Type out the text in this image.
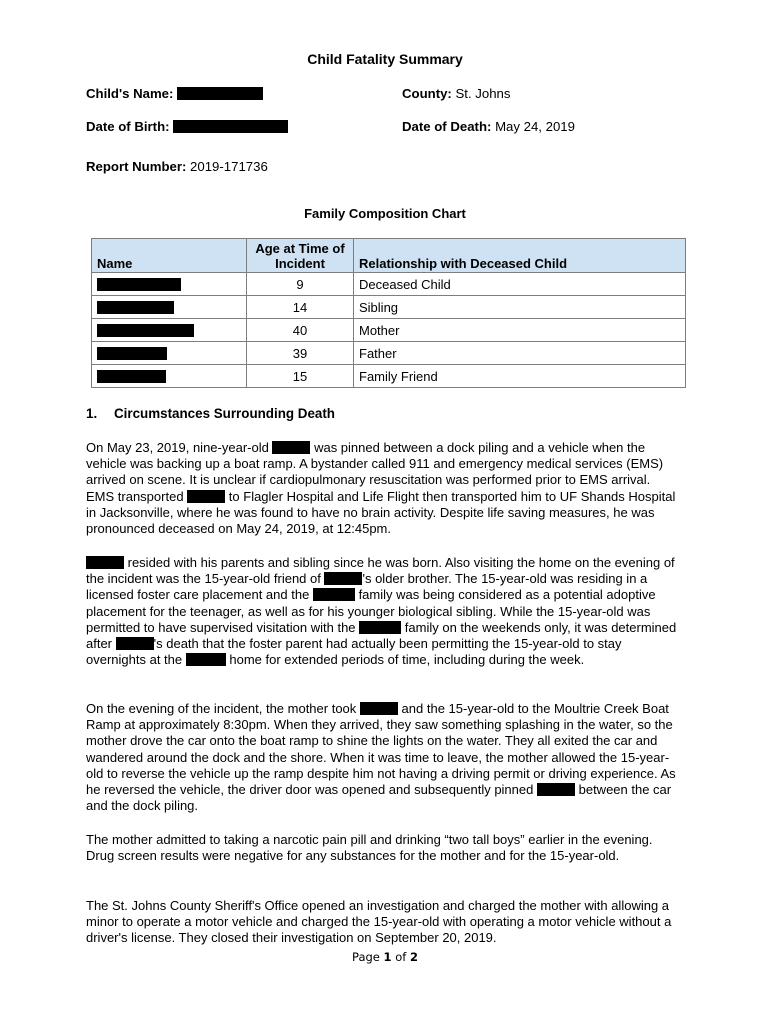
Child Fatality Summary
Child's Name:	County: St. Johns
Date of Birth:	Date of Death: May 24, 2019
Report Number: 2019-171736
Family Composition Chart
Name	Age at Time of Incident	Relationship with Deceased Child
	9	Deceased Child
	14	Sibling
	40	Mother
	39	Father
	15	Family Friend
1. Circumstances Surrounding Death
On May 23, 2019, nine-year-old	was pinned between a dock piling and a vehicle when the vehicle was backing up a boat ramp. A bystander called 911 and emergency medical services (EMS) arrived on scene. It is unclear if cardiopulmonary resuscitation was performed prior to EMS arrival. EMS transported	to Flagler Hospital and Life Flight then transported him to UF Shands Hospital in Jacksonville, where he was found to have no brain activity. Despite life saving measures, he was pronounced deceased on May 24, 2019, at 12:45pm.
resided with his parents and sibling since he was born. Also visiting the home on the evening of the incident was the 15-year-old friend of	's older brother. The 15-year-old was residing in a licensed foster care placement and the	family was being considered as a potential adoptive placement for the teenager, as well as for his younger biological sibling. While the 15-year-old was permitted to have supervised visitation with the	family on the weekends only, it was determined after	's death that the foster parent had actually been permitting the 15-year-old to stay overnights at the	home for extended periods of time, including during the week.
On the evening of the incident, the mother took	and the 15-year-old to the Moultrie Creek Boat Ramp at approximately 8:30pm. When they arrived, they saw something splashing in the water, so the mother drove the car onto the boat ramp to shine the lights on the water. They all exited the car and wandered around the dock and the shore. When it was time to leave, the mother allowed the 15-year-old to reverse the vehicle up the ramp despite him not having a driving permit or driving experience. As he reversed the vehicle, the driver door was opened and subsequently pinned	between the car and the dock piling.
The mother admitted to taking a narcotic pain pill and drinking “two tall boys” earlier in the evening. Drug screen results were negative for any substances for the mother and for the 15-year-old.
The St. Johns County Sheriff's Office opened an investigation and charged the mother with allowing a minor to operate a motor vehicle and charged the 15-year-old with operating a motor vehicle without a driver's license. They closed their investigation on September 20, 2019.
Page 1 of 2
